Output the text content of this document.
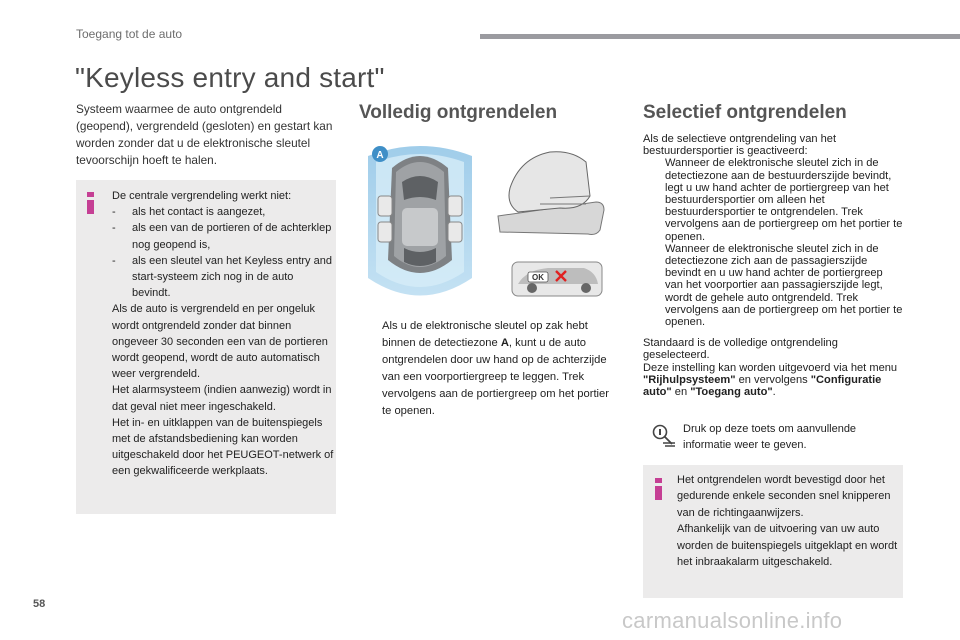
Toegang tot de auto
"Keyless entry and start"
Systeem waarmee de auto ontgrendeld (geopend), vergrendeld (gesloten) en gestart kan worden zonder dat u de elektronische sleutel tevoorschijn hoeft te halen.
De centrale vergrendeling werkt niet:
-	als het contact is aangezet,
-	als een van de portieren of de achterklep nog geopend is,
-	als een sleutel van het Keyless entry and start-systeem zich nog in de auto bevindt.
Als de auto is vergrendeld en per ongeluk wordt ontgrendeld zonder dat binnen ongeveer 30 seconden een van de portieren wordt geopend, wordt de auto automatisch weer vergrendeld.
Het alarmsysteem (indien aanwezig) wordt in dat geval niet meer ingeschakeld.
Het in- en uitklappen van de buitenspiegels met de afstandsbediening kan worden uitgeschakeld door het PEUGEOT-netwerk of een gekwalificeerde werkplaats.
Volledig ontgrendelen
A
OK
Als u de elektronische sleutel op zak hebt binnen de detectiezone A, kunt u de auto ontgrendelen door uw hand op de achterzijde van een voorportiergreep te leggen. Trek vervolgens aan de portiergreep om het portier te openen.
Selectief ontgrendelen

Als de selectieve ontgrendeling van het bestuurdersportier is geactiveerd:

Wanneer de elektronische sleutel zich in de detectiezone aan de bestuurderszijde bevindt, legt u uw hand achter de portiergreep van het bestuurdersportier om alleen het bestuurdersportier te ontgrendelen. Trek vervolgens aan de portiergreep om het portier te openen.
Wanneer de elektronische sleutel zich in de detectiezone zich aan de passagierszijde bevindt en u uw hand achter de portiergreep van het voorportier aan passagierszijde legt, wordt de gehele auto ontgrendeld. Trek vervolgens aan de portiergreep om het portier te openen.

Standaard is de volledige ontgrendeling geselecteerd.

Deze instelling kan worden uitgevoerd via het menu "Rijhulpsysteem" en vervolgens "Configuratie auto" en "Toegang auto".

Druk op deze toets om aanvullende informatie weer te geven.
Het ontgrendelen wordt bevestigd door het gedurende enkele seconden snel knipperen van de richtingaanwijzers.
Afhankelijk van de uitvoering van uw auto worden de buitenspiegels uitgeklapt en wordt het inbraakalarm uitgeschakeld.
58
carmanualsonline.info
